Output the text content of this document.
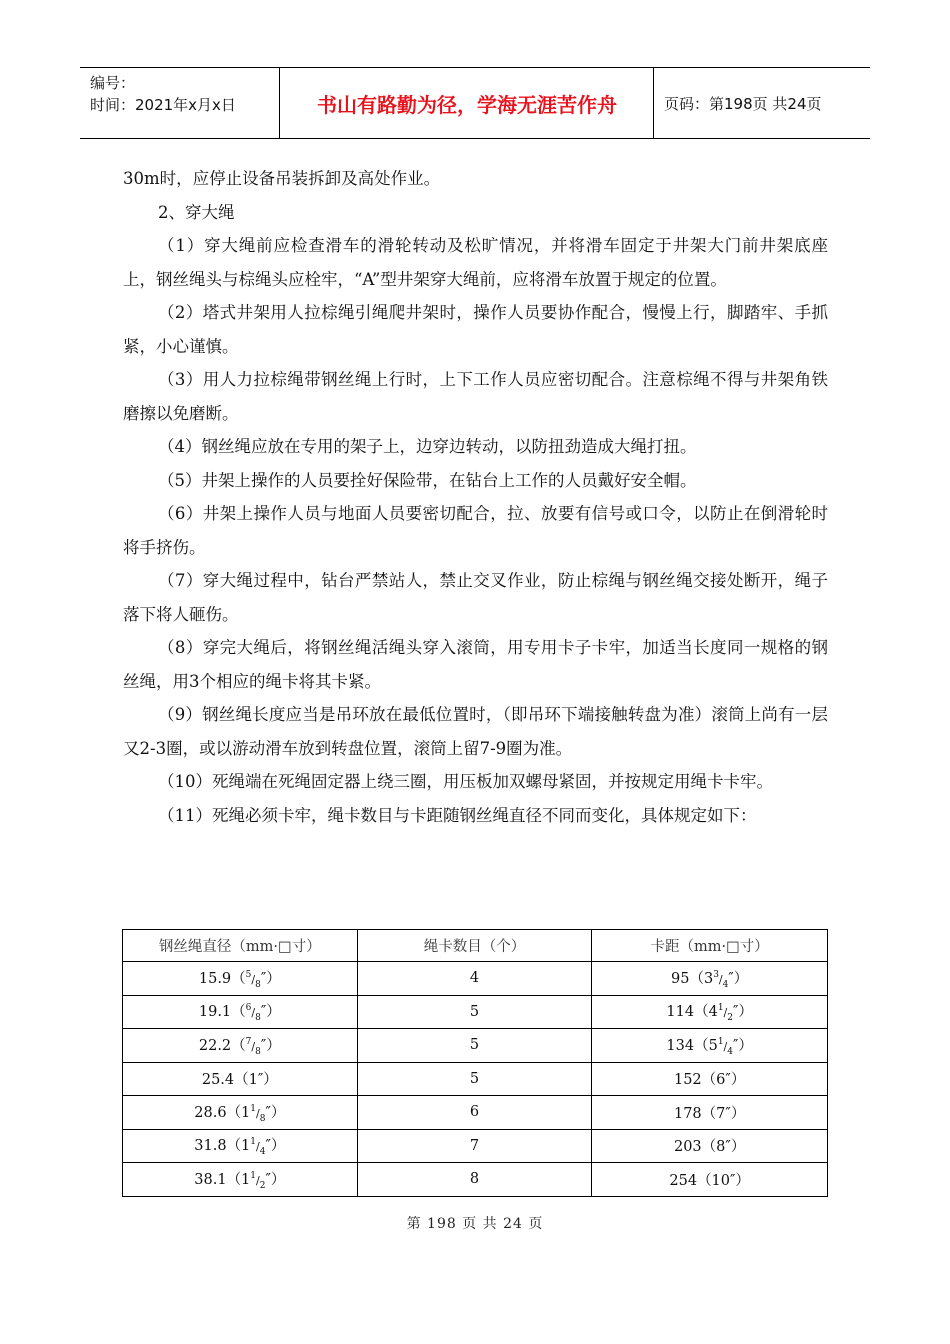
编号：
时间：2021年x月x日	书山有路勤为径，学海无涯苦作舟	页码：第198页 共24页

30m时，应停止设备吊装拆卸及高处作业。

2、穿大绳

（1）穿大绳前应检查滑车的滑轮转动及松旷情况，并将滑车固定于井架大门前井架底座上，钢丝绳头与棕绳头应栓牢，“A”型井架穿大绳前，应将滑车放置于规定的位置。

（2）塔式井架用人拉棕绳引绳爬井架时，操作人员要协作配合，慢慢上行，脚踏牢、手抓紧，小心谨慎。

（3）用人力拉棕绳带钢丝绳上行时，上下工作人员应密切配合。注意棕绳不得与井架角铁磨擦以免磨断。

（4）钢丝绳应放在专用的架子上，边穿边转动，以防扭劲造成大绳打扭。

（5）井架上操作的人员要拴好保险带，在钻台上工作的人员戴好安全帽。

（6）井架上操作人员与地面人员要密切配合，拉、放要有信号或口令，以防止在倒滑轮时将手挤伤。

（7）穿大绳过程中，钻台严禁站人，禁止交叉作业，防止棕绳与钢丝绳交接处断开，绳子落下将人砸伤。

（8）穿完大绳后，将钢丝绳活绳头穿入滚筒，用专用卡子卡牢，加适当长度同一规格的钢丝绳，用3个相应的绳卡将其卡紧。

（9）钢丝绳长度应当是吊环放在最低位置时，（即吊环下端接触转盘为准）滚筒上尚有一层又2-3圈，或以游动滑车放到转盘位置，滚筒上留7-9圈为准。

（10）死绳端在死绳固定器上绕三圈，用压板加双螺母紧固，并按规定用绳卡卡牢。

（11）死绳必须卡牢，绳卡数目与卡距随钢丝绳直径不同而变化，具体规定如下：

钢丝绳直径（mm·□寸）	绳卡数目（个）	卡距（mm·□寸）
$15.9(^5/_8'')$	4	$95(3^3/_4'')$
$19.1(^6/_8'')$	5	$114(4^1/_2'')$
$22.2(^7/_8'')$	5	$134(5^1/_4'')$
25.4（1″）	5	152（6″）
$28.6(1^1/_8'')$	6	178（7″）
$31.8(1^1/_4'')$	7	203（8″）
$38.1(1^1/_2'')$	8	254（10″）
第 198 页 共 24 页
